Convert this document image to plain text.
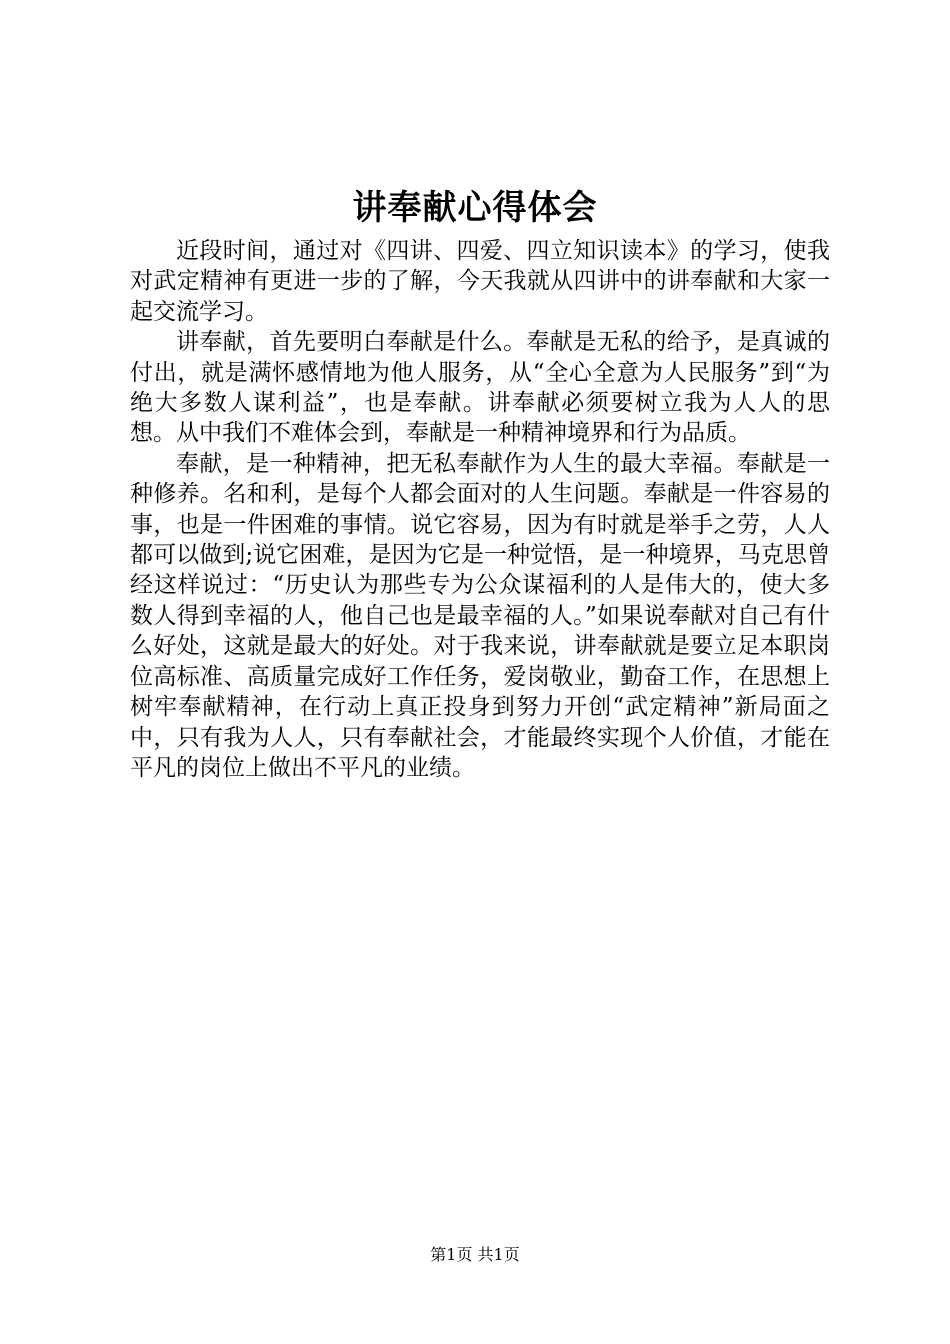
讲奉献心得体会

近段时间，通过对《四讲、四爱、四立知识读本》的学习，使我对武定精神有更进一步的了解，今天我就从四讲中的讲奉献和大家一起交流学习。

讲奉献，首先要明白奉献是什么。奉献是无私的给予，是真诚的付出，就是满怀感情地为他人服务，从“全心全意为人民服务”到“为绝大多数人谋利益”，也是奉献。讲奉献必须要树立我为人人的思想。从中我们不难体会到，奉献是一种精神境界和行为品质。

奉献，是一种精神，把无私奉献作为人生的最大幸福。奉献是一种修养。名和利，是每个人都会面对的人生问题。奉献是一件容易的事，也是一件困难的事情。说它容易，因为有时就是举手之劳，人人都可以做到;说它困难，是因为它是一种觉悟，是一种境界，马克思曾经这样说过：“历史认为那些专为公众谋福利的人是伟大的，使大多数人得到幸福的人，他自己也是最幸福的人。”如果说奉献对自己有什么好处，这就是最大的好处。对于我来说，讲奉献就是要立足本职岗位高标准、高质量完成好工作任务，爱岗敬业，勤奋工作，在思想上树牢奉献精神，在行动上真正投身到努力开创“武定精神”新局面之中，只有我为人人，只有奉献社会，才能最终实现个人价值，才能在平凡的岗位上做出不平凡的业绩。

第1页 共1页
